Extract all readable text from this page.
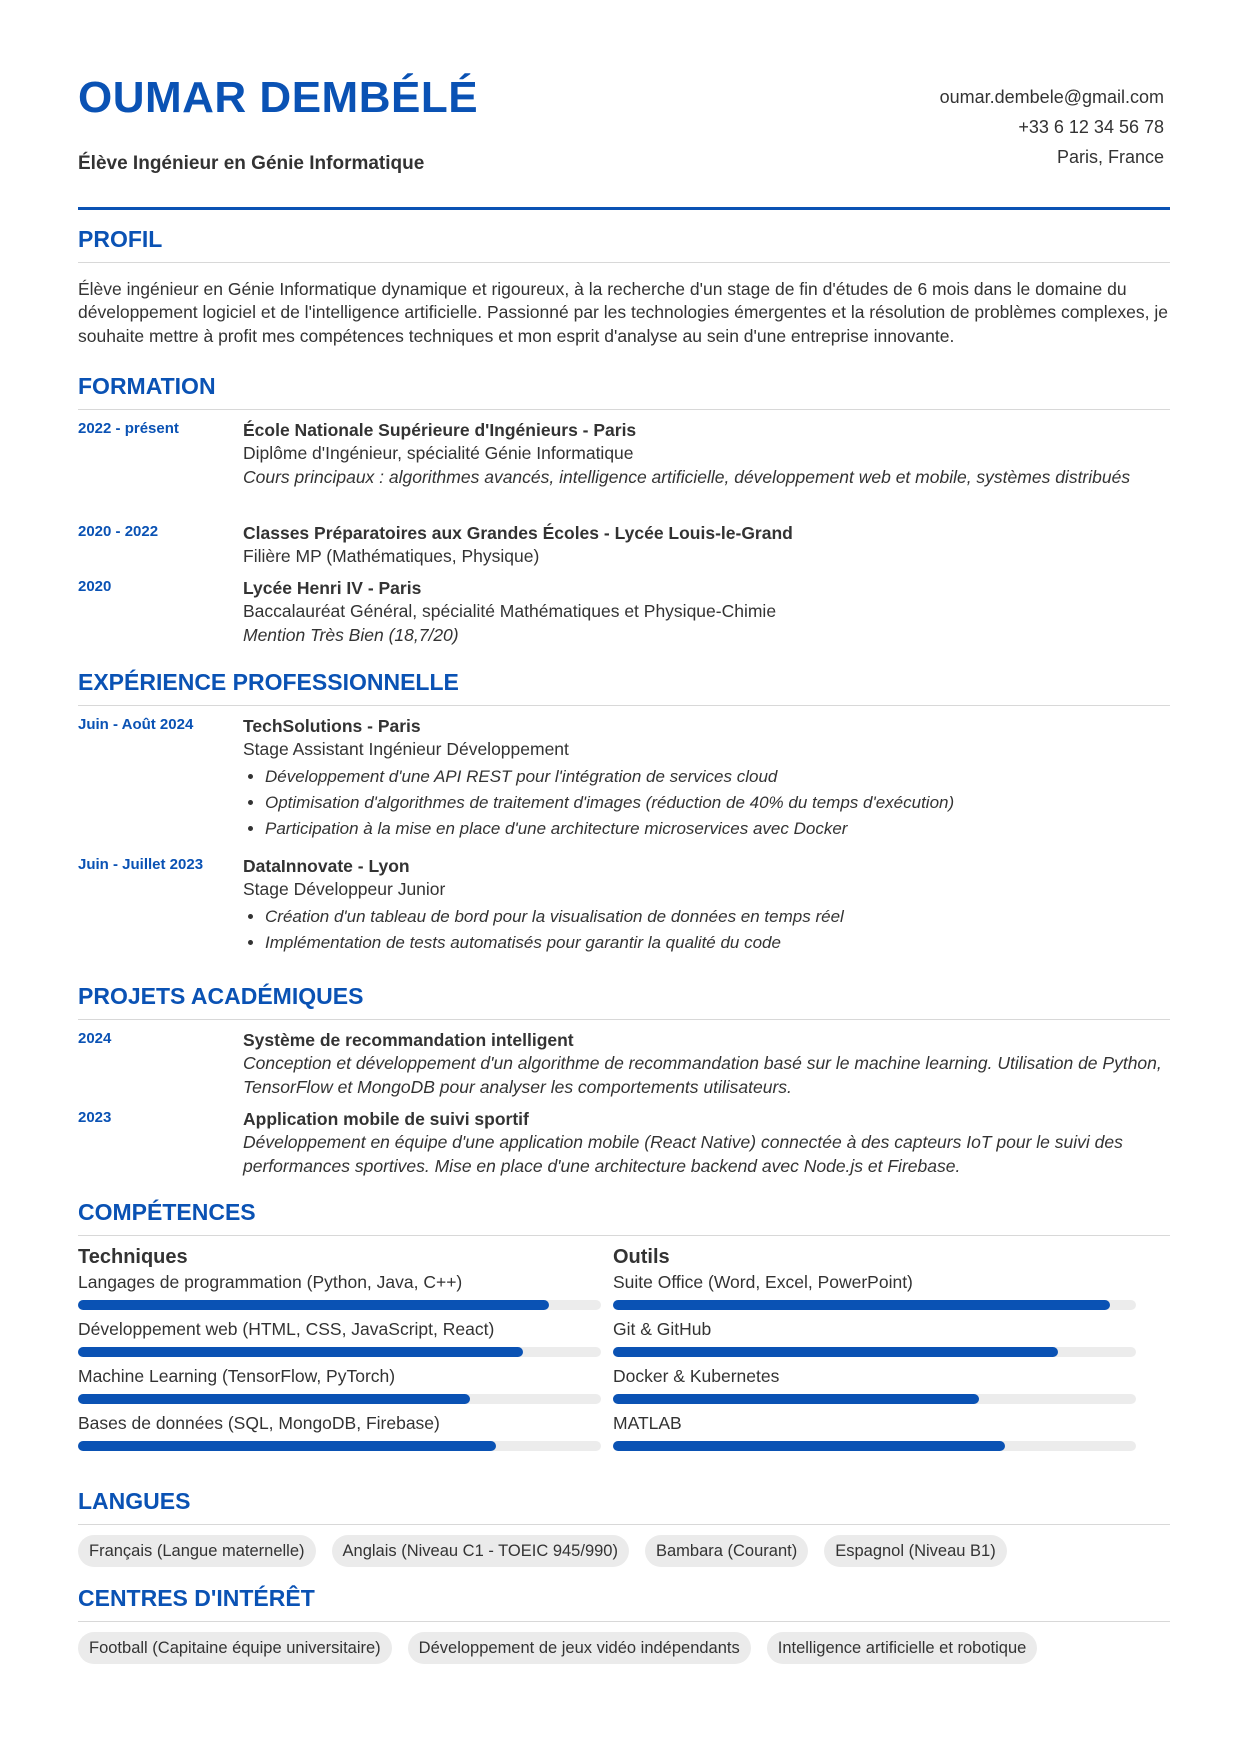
OUMAR DEMBÉLÉ
Élève Ingénieur en Génie Informatique
oumar.dembele@gmail.com
+33 6 12 34 56 78
Paris, France
PROFIL
Élève ingénieur en Génie Informatique dynamique et rigoureux, à la recherche d'un stage de fin d'études de 6 mois dans le domaine du développement logiciel et de l'intelligence artificielle. Passionné par les technologies émergentes et la résolution de problèmes complexes, je souhaite mettre à profit mes compétences techniques et mon esprit d'analyse au sein d'une entreprise innovante.
FORMATION
2022 - présent	École Nationale Supérieure d'Ingénieurs - Paris
Diplôme d'Ingénieur, spécialité Génie Informatique
Cours principaux : algorithmes avancés, intelligence artificielle, développement web et mobile, systèmes distribués
2020 - 2022	Classes Préparatoires aux Grandes Écoles - Lycée Louis-le-Grand
Filière MP (Mathématiques, Physique)
2020	Lycée Henri IV - Paris
Baccalauréat Général, spécialité Mathématiques et Physique-Chimie
Mention Très Bien (18,7/20)
EXPÉRIENCE PROFESSIONNELLE
Juin - Août 2024	TechSolutions - Paris
Stage Assistant Ingénieur Développement
• Développement d'une API REST pour l'intégration de services cloud
• Optimisation d'algorithmes de traitement d'images (réduction de 40% du temps d'exécution)
• Participation à la mise en place d'une architecture microservices avec Docker
Juin - Juillet 2023	DataInnovate - Lyon
Stage Développeur Junior
• Création d'un tableau de bord pour la visualisation de données en temps réel
• Implémentation de tests automatisés pour garantir la qualité du code
PROJETS ACADÉMIQUES
2024	Système de recommandation intelligent
Conception et développement d'un algorithme de recommandation basé sur le machine learning. Utilisation de Python, TensorFlow et MongoDB pour analyser les comportements utilisateurs.
2023	Application mobile de suivi sportif
Développement en équipe d'une application mobile (React Native) connectée à des capteurs IoT pour le suivi des performances sportives. Mise en place d'une architecture backend avec Node.js et Firebase.
COMPÉTENCES
Techniques
Langages de programmation (Python, Java, C++)
Développement web (HTML, CSS, JavaScript, React)
Machine Learning (TensorFlow, PyTorch)
Bases de données (SQL, MongoDB, Firebase)
Outils
Suite Office (Word, Excel, PowerPoint)
Git & GitHub
Docker & Kubernetes
MATLAB
LANGUES
Français (Langue maternelle)	Anglais (Niveau C1 - TOEIC 945/990)	Bambara (Courant)	Espagnol (Niveau B1)
CENTRES D'INTÉRÊT
Football (Capitaine équipe universitaire)	Développement de jeux vidéo indépendants	Intelligence artificielle et robotique
